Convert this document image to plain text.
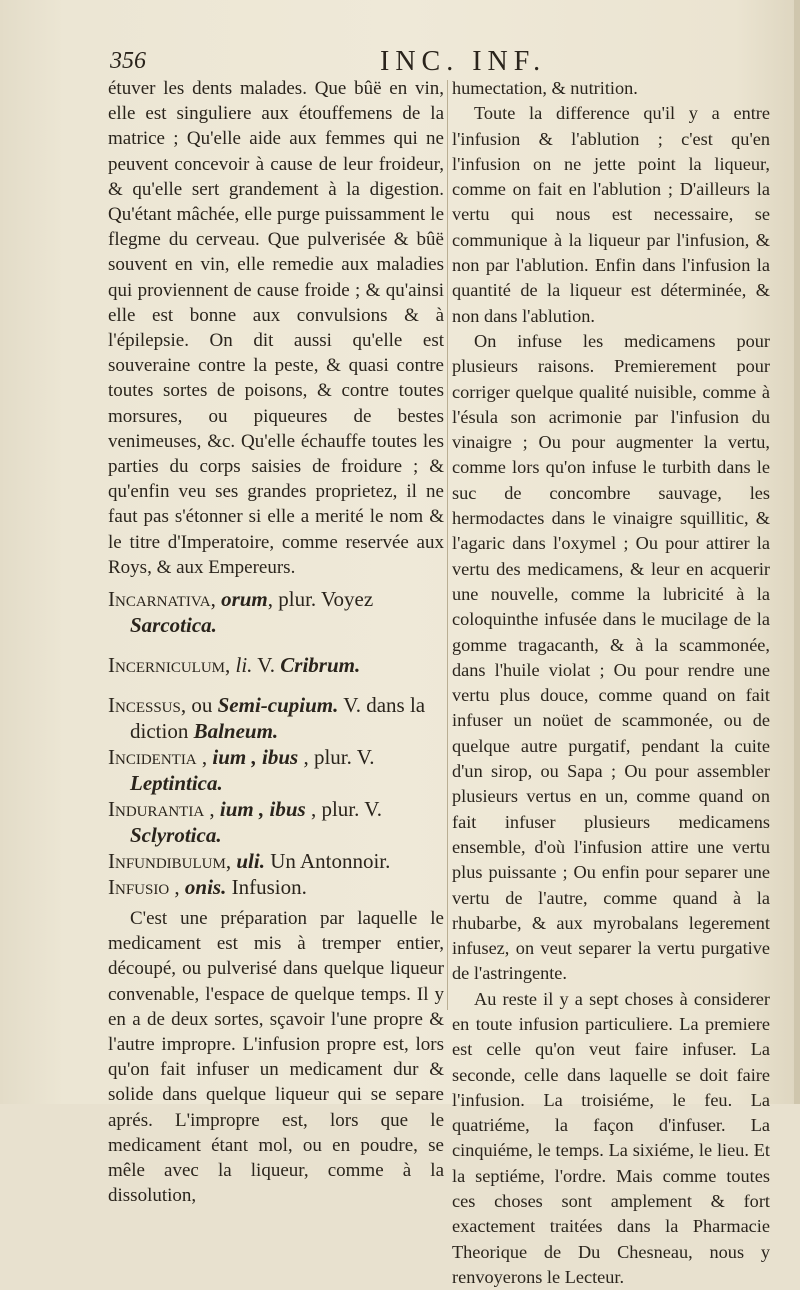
356	INC. INF.

étuver les dents malades. Que bûë en vin, elle est singuliere aux étouffemens de la matrice ; Qu'elle aide aux femmes qui ne peuvent concevoir à cause de leur froideur, & qu'elle sert grandement à la digestion. Qu'étant mâchée, elle purge puissamment le flegme du cerveau. Que pulverisée & bûë souvent en vin, elle remedie aux maladies qui proviennent de cause froide ; & qu'ainsi elle est bonne aux convulsions & à l'épilepsie. On dit aussi qu'elle est souveraine contre la peste, & quasi contre toutes sortes de poisons, & contre toutes morsures, ou piqueures de bestes venimeuses, &c. Qu'elle échauffe toutes les parties du corps saisies de froidure ; & qu'enfin veu ses grandes proprietez, il ne faut pas s'étonner si elle a merité le nom & le titre d'Imperatoire, comme reservée aux Roys, & aux Empereurs.

Incarnativa, orum, plur. Voyez Sarcotica.

Incerniculum, li. V. Cribrum.

Incessus, ou Semi-cupium. V. dans la diction Balneum.

Incidentia , ium , ibus , plur. V. Leptintica.

Indurantia , ium , ibus , plur. V. Sclyrotica.

Infundibulum, uli. Un Antonnoir.

Infusio , onis. Infusion.

C'est une préparation par laquelle le medicament est mis à tremper entier, découpé, ou pulverisé dans quelque liqueur convenable, l'espace de quelque temps. Il y en a de deux sortes, sçavoir l'une propre & l'autre impropre. L'infusion propre est, lors qu'on fait infuser un medicament dur & solide dans quelque liqueur qui se separe aprés. L'impropre est, lors que le medicament étant mol, ou en poudre, se mêle avec la liqueur, comme à la dissolution,

humectation, & nutrition.

Toute la difference qu'il y a entre l'infusion & l'ablution ; c'est qu'en l'infusion on ne jette point la liqueur, comme on fait en l'ablution ; D'ailleurs la vertu qui nous est necessaire, se communique à la liqueur par l'infusion, & non par l'ablution. Enfin dans l'infusion la quantité de la liqueur est déterminée, & non dans l'ablution.

On infuse les medicamens pour plusieurs raisons. Premierement pour corriger quelque qualité nuisible, comme à l'ésula son acrimonie par l'infusion du vinaigre ; Ou pour augmenter la vertu, comme lors qu'on infuse le turbith dans le suc de concombre sauvage, les hermodactes dans le vinaigre squillitic, & l'agaric dans l'oxymel ; Ou pour attirer la vertu des medicamens, & leur en acquerir une nouvelle, comme la lubricité à la coloquinthe infusée dans le mucilage de la gomme tragacanth, & à la scammonée, dans l'huile violat ; Ou pour rendre une vertu plus douce, comme quand on fait infuser un noüet de scammonée, ou de quelque autre purgatif, pendant la cuite d'un sirop, ou Sapa ; Ou pour assembler plusieurs vertus en un, comme quand on fait infuser plusieurs medicamens ensemble, d'où l'infusion attire une vertu plus puissante ; Ou enfin pour separer une vertu de l'autre, comme quand à la rhubarbe, & aux myrobalans legerement infusez, on veut separer la vertu purgative de l'astringente.

Au reste il y a sept choses à considerer en toute infusion particuliere. La premiere est celle qu'on veut faire infuser. La seconde, celle dans laquelle se doit faire l'infusion. La troisiéme, le feu. La quatriéme, la façon d'infuser. La cinquiéme, le temps. La sixiéme, le lieu. Et la septiéme, l'ordre. Mais comme toutes ces choses sont amplement & fort exactement traitées dans la Pharmacie Theorique de Du Chesneau, nous y renvoyerons le Lecteur.
